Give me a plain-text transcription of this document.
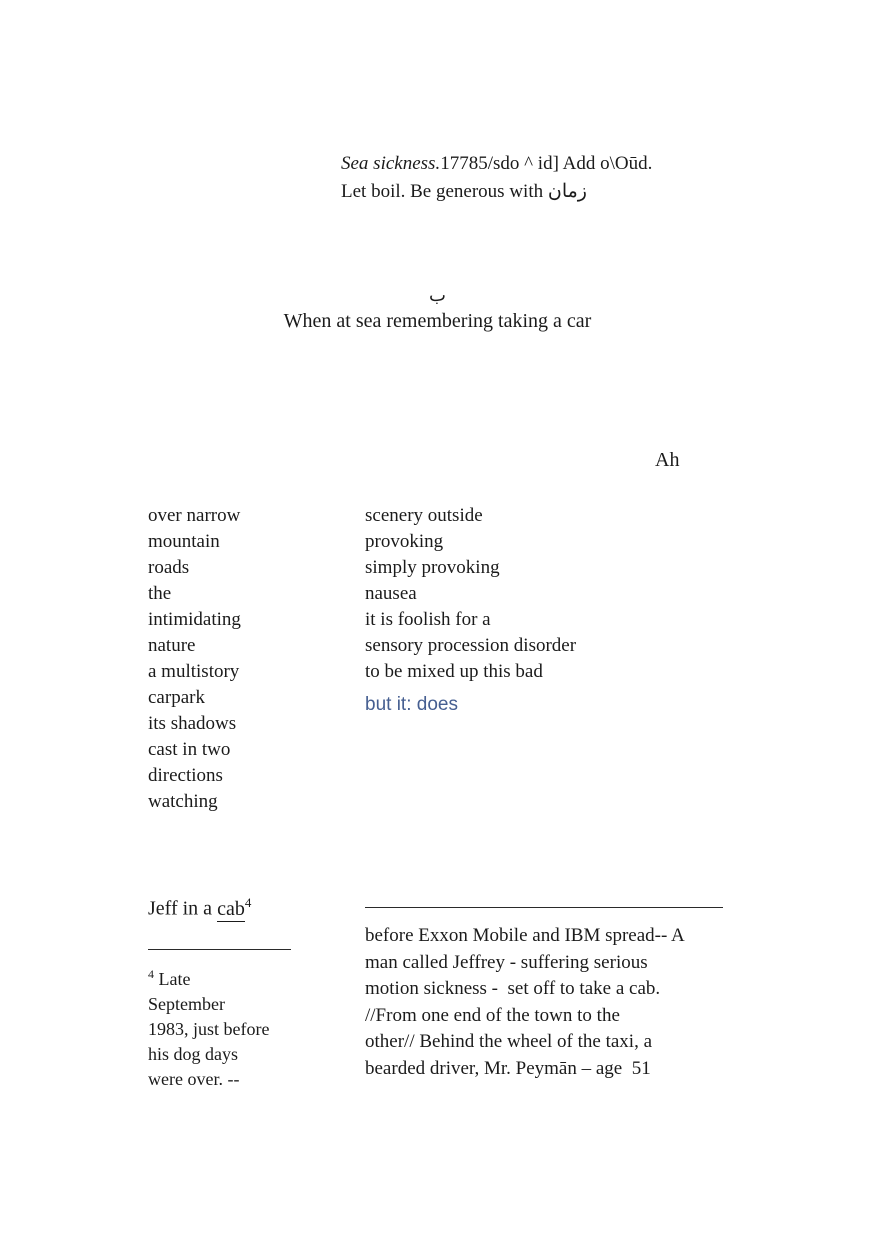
Sea sickness.17785/sdo ^ id] Add o\Oūd.
Let boil. Be generous with زمان
ب
When at sea remembering taking a car
Ah
over narrow
mountain
roads
the
intimidating
nature
a multistory
carpark
its shadows
cast in two
directions
watching
scenery outside
provoking
simply provoking
nausea
it is foolish for a
sensory procession disorder
to be mixed up this bad
but it: does
Jeff in a cab$^4$
$^4$ Late
September
1983, just before
his dog days
were over. --
before Exxon Mobile and IBM spread-- A
man called Jeffrey - suffering serious
motion sickness -  set off to take a cab.
//From one end of the town to the
other// Behind the wheel of the taxi, a
bearded driver, Mr. Peymān – age  51
